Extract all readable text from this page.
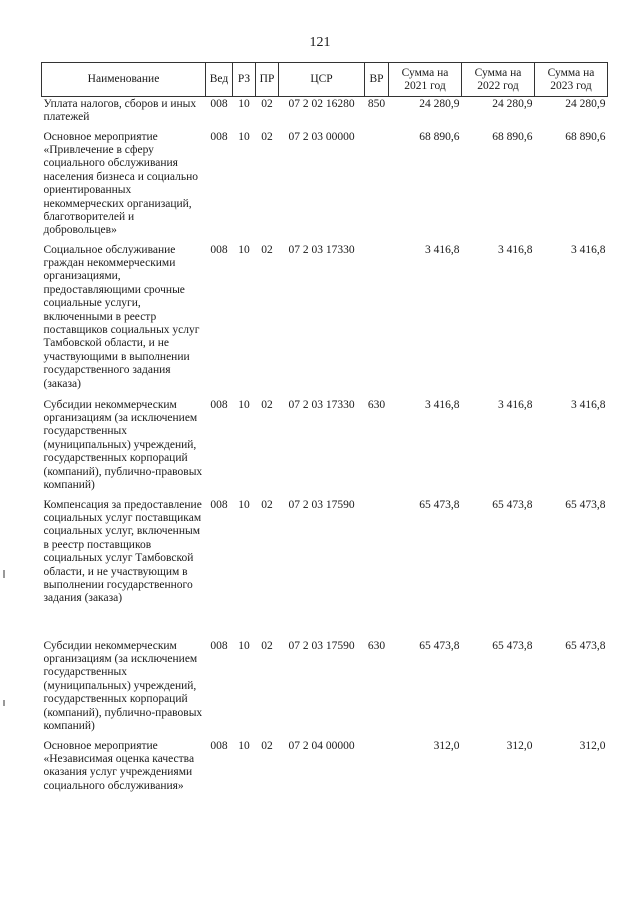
121
Наименование	Вед	РЗ	ПР	ЦСР	ВР	Сумма на 2021 год	Сумма на 2022 год	Сумма на 2023 год
Уплата налогов, сборов и иных платежей	008	10	02	07 2 02 16280	850	24 280,9	24 280,9	24 280,9
Основное мероприятие «Привлечение в сферу социального обслуживания населения бизнеса и социально ориентированных некоммерческих организаций, благотворителей и добровольцев»	008	10	02	07 2 03 00000		68 890,6	68 890,6	68 890,6
Социальное обслуживание граждан некоммерческими организациями, предоставляющими срочные социальные услуги, включенными в реестр поставщиков социальных услуг Тамбовской области, и не участвующими в выполнении государственного задания (заказа)	008	10	02	07 2 03 17330		3 416,8	3 416,8	3 416,8
Субсидии некоммерческим организациям (за исключением государственных (муниципальных) учреждений, государственных корпораций (компаний), публично-правовых компаний)	008	10	02	07 2 03 17330	630	3 416,8	3 416,8	3 416,8
Компенсация за предоставление социальных услуг поставщикам социальных услуг, включенным в реестр поставщиков социальных услуг Тамбовской области, и не участвующим в выполнении государственного задания (заказа)	008	10	02	07 2 03 17590		65 473,8	65 473,8	65 473,8
Субсидии некоммерческим организациям (за исключением государственных (муниципальных) учреждений, государственных корпораций (компаний), публично-правовых компаний)	008	10	02	07 2 03 17590	630	65 473,8	65 473,8	65 473,8
Основное мероприятие «Независимая оценка качества оказания услуг учреждениями социального обслуживания»	008	10	02	07 2 04 00000		312,0	312,0	312,0
